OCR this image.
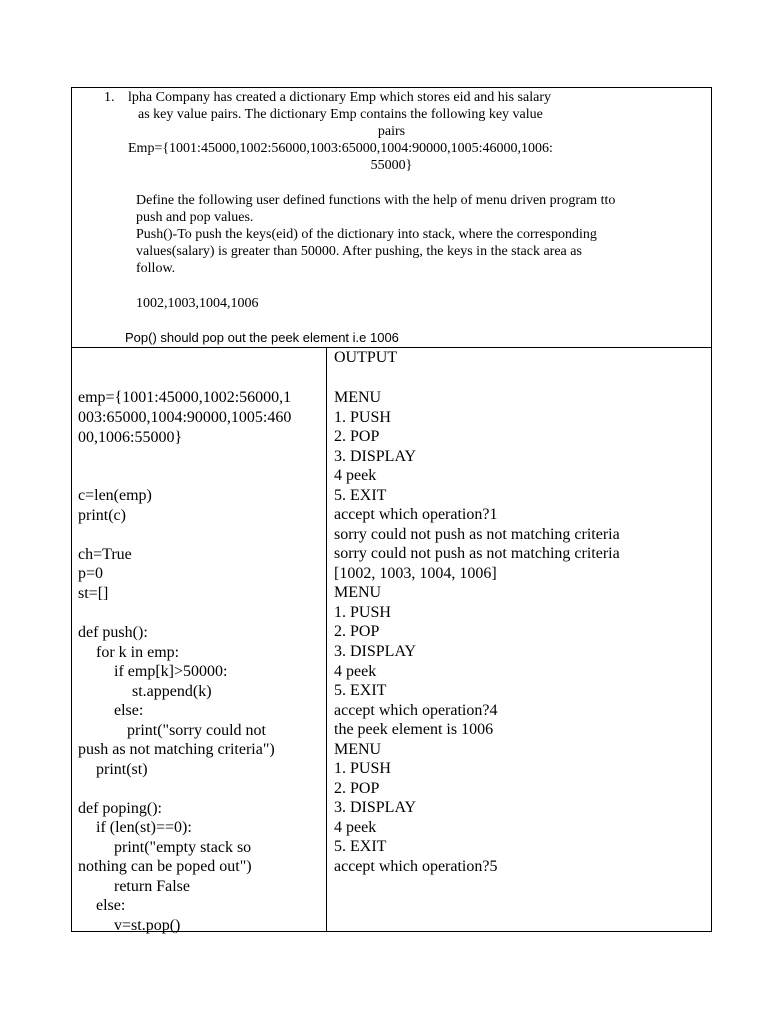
1. lpha Company has created a dictionary Emp which stores eid and his salary
as key value pairs. The dictionary Emp contains the following key value
pairs
Emp={1001:45000,1002:56000,1003:65000,1004:90000,1005:46000,1006:
55000}
Define the following user defined functions with the help of menu driven program tto
push and pop values.
Push()-To push the keys(eid) of the dictionary into stack, where the corresponding
values(salary) is greater than 50000. After pushing, the keys in the stack area as
follow.
1002,1003,1004,1006
Pop() should pop out the peek element i.e 1006
emp={1001:45000,1002:56000,1
003:65000,1004:90000,1005:460
00,1006:55000}
c=len(emp)
print(c)
ch=True
p=0
st=[]
def push():
for k in emp:
if emp[k]>50000:
st.append(k)
else:
print("sorry could not
push as not matching criteria")
print(st)
def poping():
if (len(st)==0):
print("empty stack so
nothing can be poped out")
return False
else:
v=st.pop()
OUTPUT
MENU
1. PUSH
2. POP
3. DISPLAY
4 peek
5. EXIT
accept which operation?1
sorry could not push as not matching criteria
sorry could not push as not matching criteria
[1002, 1003, 1004, 1006]
MENU
1. PUSH
2. POP
3. DISPLAY
4 peek
5. EXIT
accept which operation?4
the peek element is 1006
MENU
1. PUSH
2. POP
3. DISPLAY
4 peek
5. EXIT
accept which operation?5
